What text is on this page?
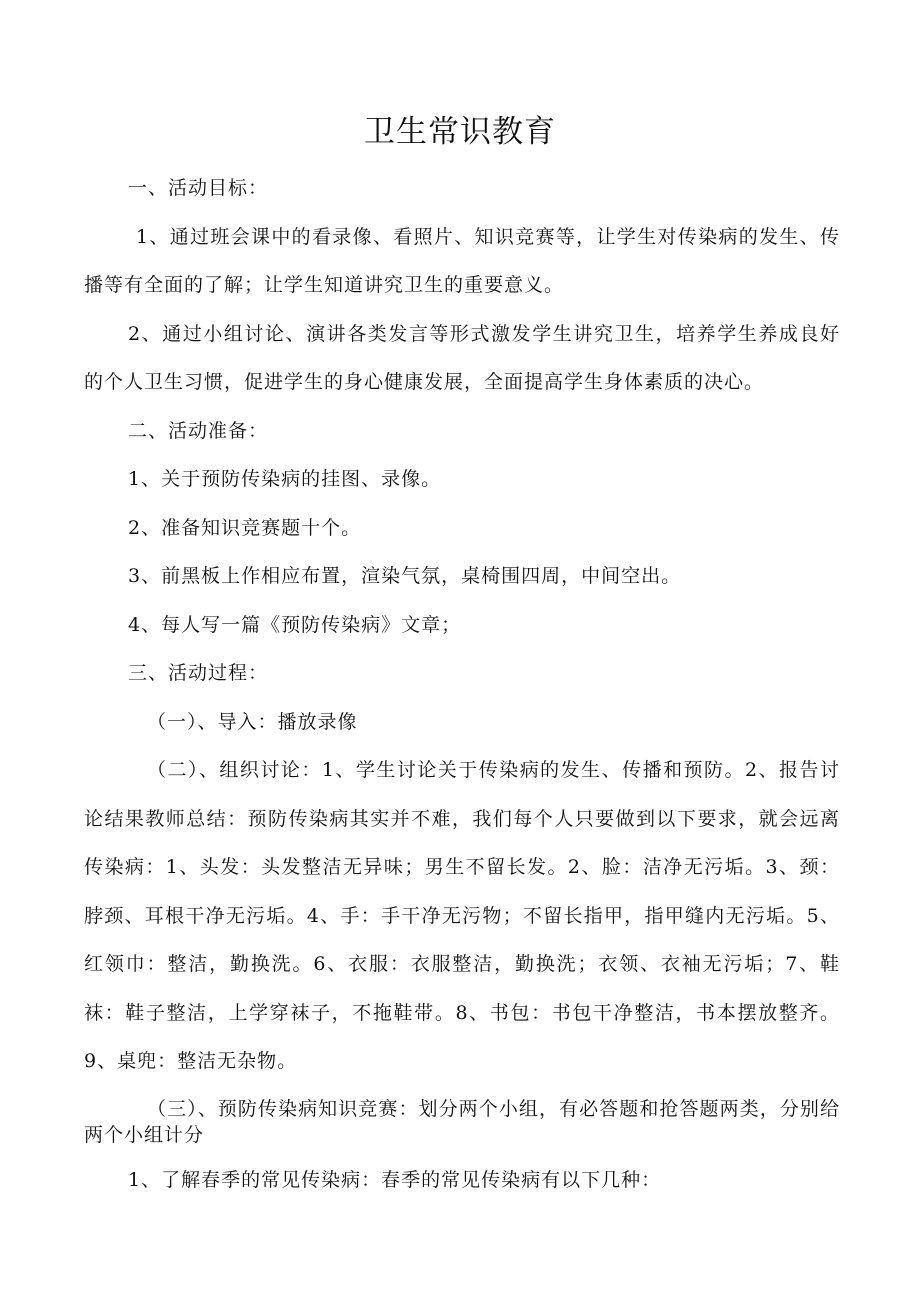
卫生常识教育

一、活动目标：

1、通过班会课中的看录像、看照片、知识竞赛等，让学生对传染病的发生、传播等有全面的了解；让学生知道讲究卫生的重要意义。

2、通过小组讨论、演讲各类发言等形式激发学生讲究卫生，培养学生养成良好的个人卫生习惯，促进学生的身心健康发展，全面提高学生身体素质的决心。

二、活动准备：

1、关于预防传染病的挂图、录像。

2、准备知识竞赛题十个。

3、前黑板上作相应布置，渲染气氛，桌椅围四周，中间空出。

4、每人写一篇《预防传染病》文章；

三、活动过程：

（一）、导入：播放录像

（二）、组织讨论：1、学生讨论关于传染病的发生、传播和预防。2、报告讨论结果教师总结：预防传染病其实并不难，我们每个人只要做到以下要求，就会远离传染病：1、头发：头发整洁无异味；男生不留长发。2、脸：洁净无污垢。3、颈：脖颈、耳根干净无污垢。4、手：手干净无污物；不留长指甲，指甲缝内无污垢。5、红领巾：整洁，勤换洗。6、衣服：衣服整洁，勤换洗；衣领、衣袖无污垢；7、鞋袜：鞋子整洁，上学穿袜子，不拖鞋带。8、书包：书包干净整洁，书本摆放整齐。9、桌兜：整洁无杂物。

（三）、预防传染病知识竞赛：划分两个小组，有必答题和抢答题两类，分别给两个小组计分

1、了解春季的常见传染病：春季的常见传染病有以下几种：
